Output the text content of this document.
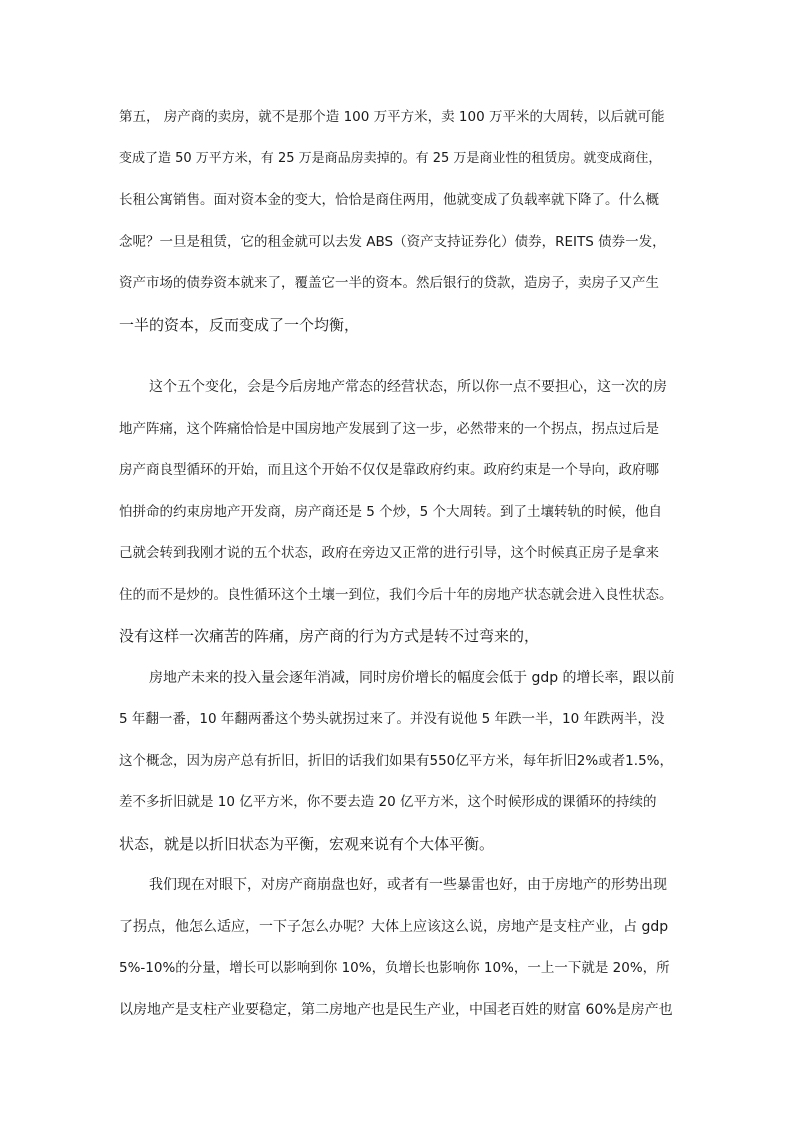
第五， 房产商的卖房，就不是那个造 100 万平方米，卖 100 万平米的大周转，以后就可能
变成了造 50 万平方米，有 25 万是商品房卖掉的。有 25 万是商业性的租赁房。就变成商住，
长租公寓销售。面对资本金的变大，恰恰是商住两用，他就变成了负载率就下降了。什么概
念呢？一旦是租赁，它的租金就可以去发 ABS（资产支持证券化）债券，REITS 债券一发，
资产市场的债券资本就来了，覆盖它一半的资本。然后银行的贷款，造房子，卖房子又产生
一半的资本，反而变成了一个均衡，
这个五个变化，会是今后房地产常态的经营状态，所以你一点不要担心，这一次的房
地产阵痛，这个阵痛恰恰是中国房地产发展到了这一步，必然带来的一个拐点，拐点过后是
房产商良型循环的开始，而且这个开始不仅仅是靠政府约束。政府约束是一个导向，政府哪
怕拼命的约束房地产开发商，房产商还是 5 个炒，5 个大周转。到了土壤转轨的时候，他自
己就会转到我刚才说的五个状态，政府在旁边又正常的进行引导，这个时候真正房子是拿来
住的而不是炒的。良性循环这个土壤一到位，我们今后十年的房地产状态就会进入良性状态。
没有这样一次痛苦的阵痛，房产商的行为方式是转不过弯来的，
房地产未来的投入量会逐年消减，同时房价增长的幅度会低于 gdp 的增长率，跟以前
5 年翻一番，10 年翻两番这个势头就拐过来了。并没有说他 5 年跌一半，10 年跌两半，没
这个概念，因为房产总有折旧，折旧的话我们如果有550亿平方米，每年折旧2%或者1.5%，
差不多折旧就是 10 亿平方米，你不要去造 20 亿平方米，这个时候形成的课循环的持续的
状态，就是以折旧状态为平衡，宏观来说有个大体平衡。
我们现在对眼下，对房产商崩盘也好，或者有一些暴雷也好，由于房地产的形势出现
了拐点，他怎么适应，一下子怎么办呢？大体上应该这么说，房地产是支柱产业，占 gdp
5%-10%的分量，增长可以影响到你 10%，负增长也影响你 10%，一上一下就是 20%，所
以房地产是支柱产业要稳定，第二房地产也是民生产业，中国老百姓的财富 60%是房产也
